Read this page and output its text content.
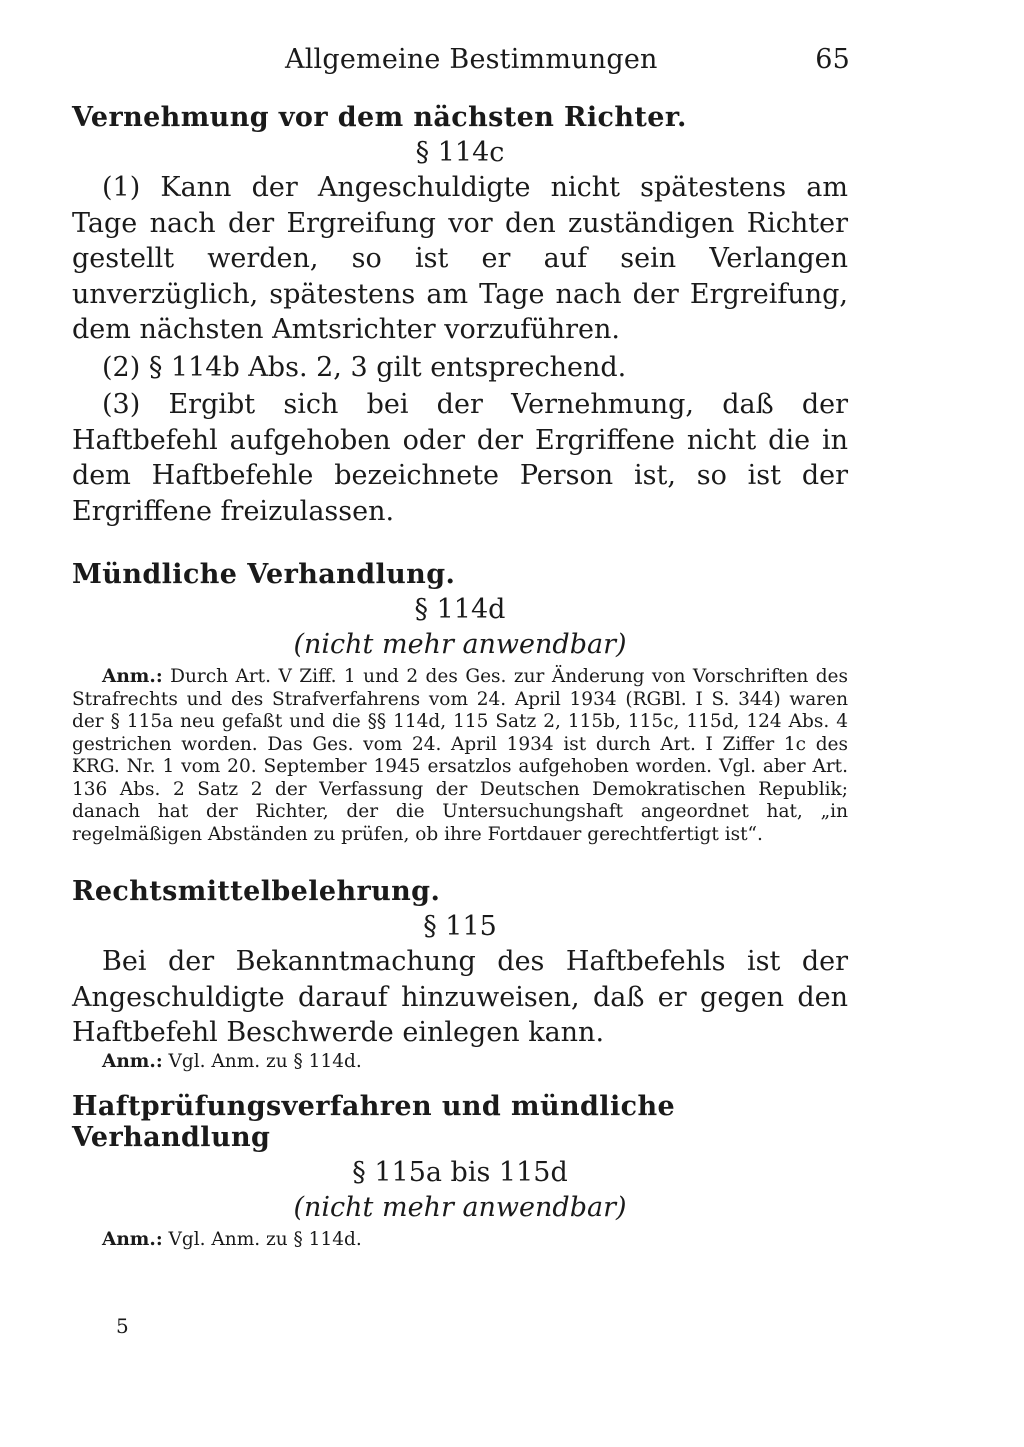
Allgemeine Bestimmungen	65
Vernehmung vor dem nächsten Richter.
§ 114c

(1) Kann der Angeschuldigte nicht spätestens am Tage nach der Ergreifung vor den zuständigen Richter gestellt werden, so ist er auf sein Verlangen unverzüglich, spätestens am Tage nach der Ergreifung, dem nächsten Amtsrichter vorzuführen.

(2) § 114b Abs. 2, 3 gilt entsprechend.

(3) Ergibt sich bei der Vernehmung, daß der Haftbefehl aufgehoben oder der Ergriffene nicht die in dem Haftbefehle bezeichnete Person ist, so ist der Ergriffene freizulassen.

Mündliche Verhandlung.
§ 114d
(nicht mehr anwendbar)

Anm.: Durch Art. V Ziff. 1 und 2 des Ges. zur Änderung von Vorschriften des Strafrechts und des Strafverfahrens vom 24. April 1934 (RGBl. I S. 344) waren der § 115a neu gefaßt und die §§ 114d, 115 Satz 2, 115b, 115c, 115d, 124 Abs. 4 gestrichen worden. Das Ges. vom 24. April 1934 ist durch Art. I Ziffer 1c des KRG. Nr. 1 vom 20. September 1945 ersatzlos aufgehoben worden. Vgl. aber Art. 136 Abs. 2 Satz 2 der Verfassung der Deutschen Demokratischen Republik; danach hat der Richter, der die Untersuchungshaft angeordnet hat, „in regelmäßigen Abständen zu prüfen, ob ihre Fortdauer gerechtfertigt ist“.

Rechtsmittelbelehrung.
§ 115

Bei der Bekanntmachung des Haftbefehls ist der Angeschuldigte darauf hinzuweisen, daß er gegen den Haftbefehl Beschwerde einlegen kann.

Anm.: Vgl. Anm. zu § 114d.

Haftprüfungsverfahren und mündliche Verhandlung
§ 115a bis 115d
(nicht mehr anwendbar)

Anm.: Vgl. Anm. zu § 114d.

5
